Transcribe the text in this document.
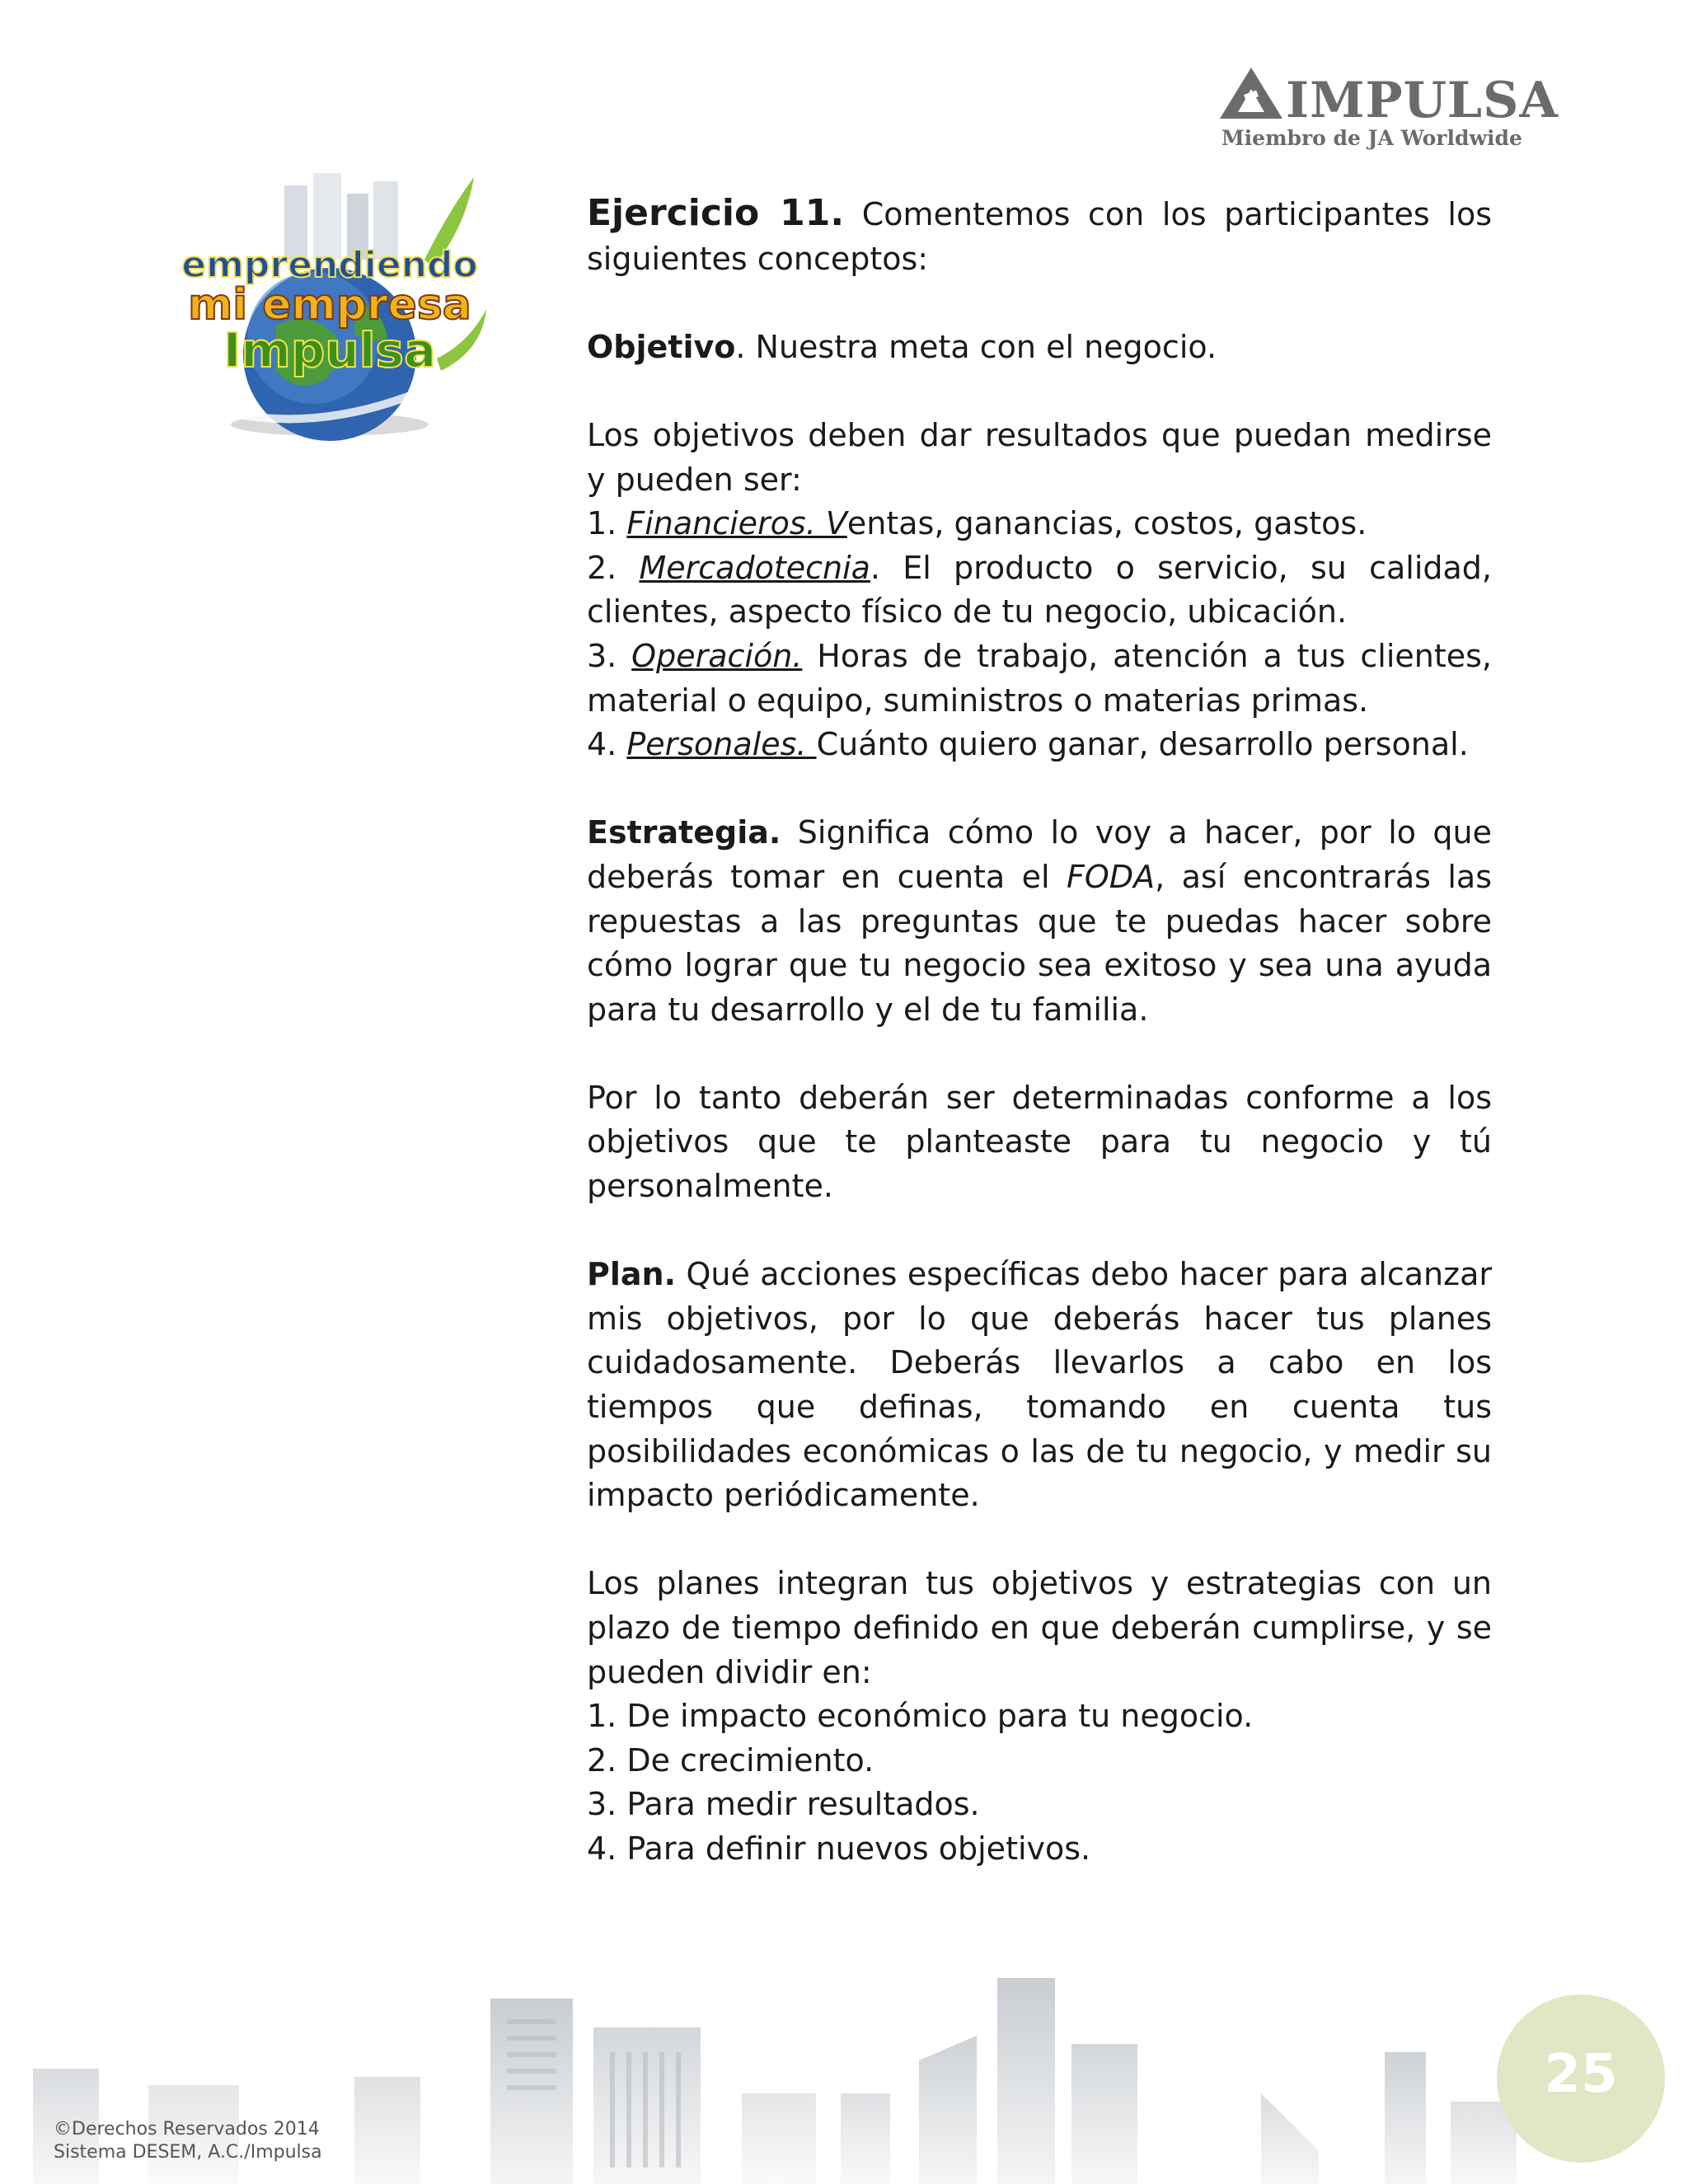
IMPULSA
Miembro de JA Worldwide
emprendiendo
mi empresa
Impulsa

Ejercicio 11. Comentemos con los participantes los
siguientes conceptos:

Objetivo. Nuestra meta con el negocio.

Los objetivos deben dar resultados que puedan medirse y pueden ser:

1. Financieros. Ventas, ganancias, costos, gastos.
2. Mercadotecnia. El producto o servicio, su calidad, clientes, aspecto físico de tu negocio, ubicación.
3. Operación. Horas de trabajo, atención a tus clientes, material o equipo, suministros o materias primas.
4. Personales. Cuánto quiero ganar, desarrollo personal.

Estrategia. Significa cómo lo voy a hacer, por lo que deberás tomar en cuenta el FODA, así encontrarás las repuestas a las preguntas que te puedas hacer sobre cómo lograr que tu negocio sea exitoso y sea una ayuda para tu desarrollo y el de tu familia.

Por lo tanto deberán ser determinadas conforme a los objetivos que te planteaste para tu negocio y tú personalmente.

Plan. Qué acciones específicas debo hacer para alcanzar mis objetivos, por lo que deberás hacer tus planes cuidadosamente. Deberás llevarlos a cabo en los tiempos que definas, tomando en cuenta tus posibilidades económicas o las de tu negocio, y medir su impacto periódicamente.

Los planes integran tus objetivos y estrategias con un plazo de tiempo definido en que deberán cumplirse, y se pueden dividir en:

1. De impacto económico para tu negocio.
2. De crecimiento.
3. Para medir resultados.
4. Para definir nuevos objetivos.

©Derechos Reservados 2014
Sistema DESEM, A.C./Impulsa
25
